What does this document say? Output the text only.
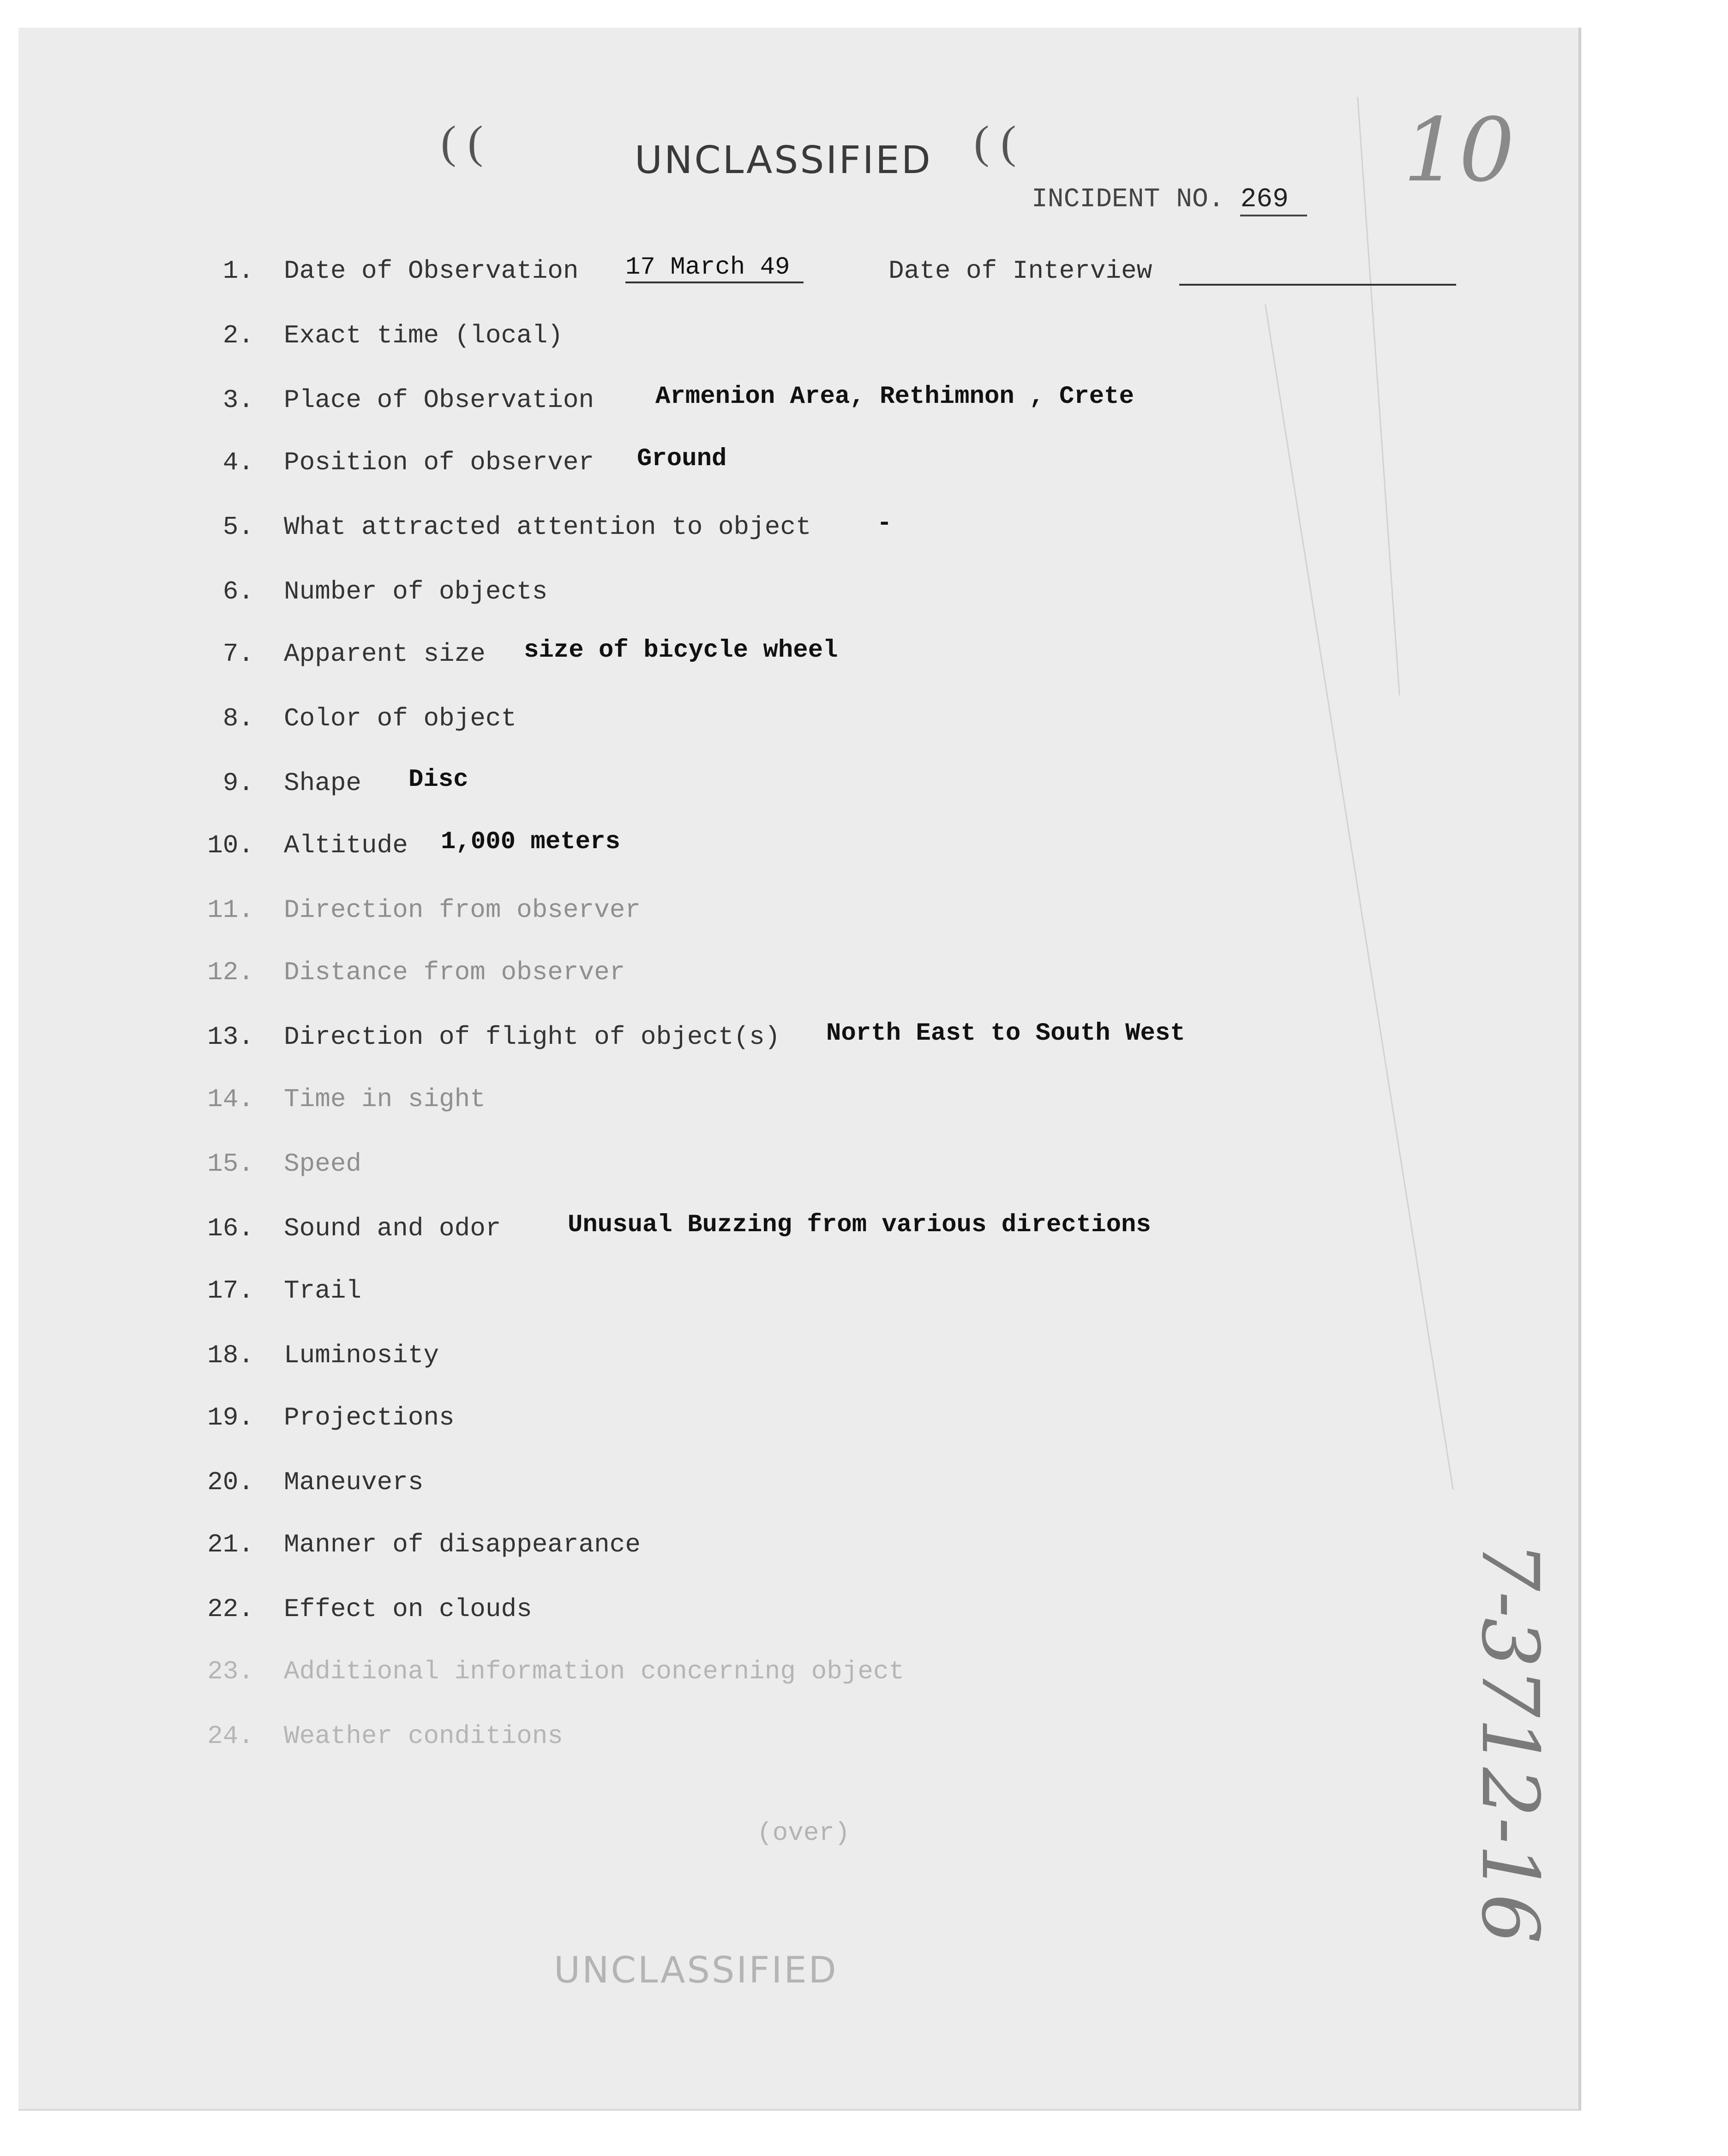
( (	UNCLASSIFIED ( (	10
INCIDENT NO. 269
1. Date of Observation 17 March 49	Date of Interview
2. Exact time (local)
3. Place of Observation Armenion Area, Rethimnon , Crete
4. Position of observer Ground
5. What attracted attention to object	-
6. Number of objects
7. Apparent size size of bicycle wheel
8. Color of object
9. Shape Disc
10. Altitude 1,000 meters
11. Direction from observer
12. Distance from observer
13. Direction of flight of object(s) North East to South West
14. Time in sight
15. Speed
16. Sound and odor	Unusual Buzzing from various directions
17. Trail
18. Luminosity
19. Projections
20. Maneuvers
21. Manner of disappearance
22. Effect on clouds
23. Additional information concerning object
24. Weather conditions
(over)
UNCLASSIFIED
7-3712-16
